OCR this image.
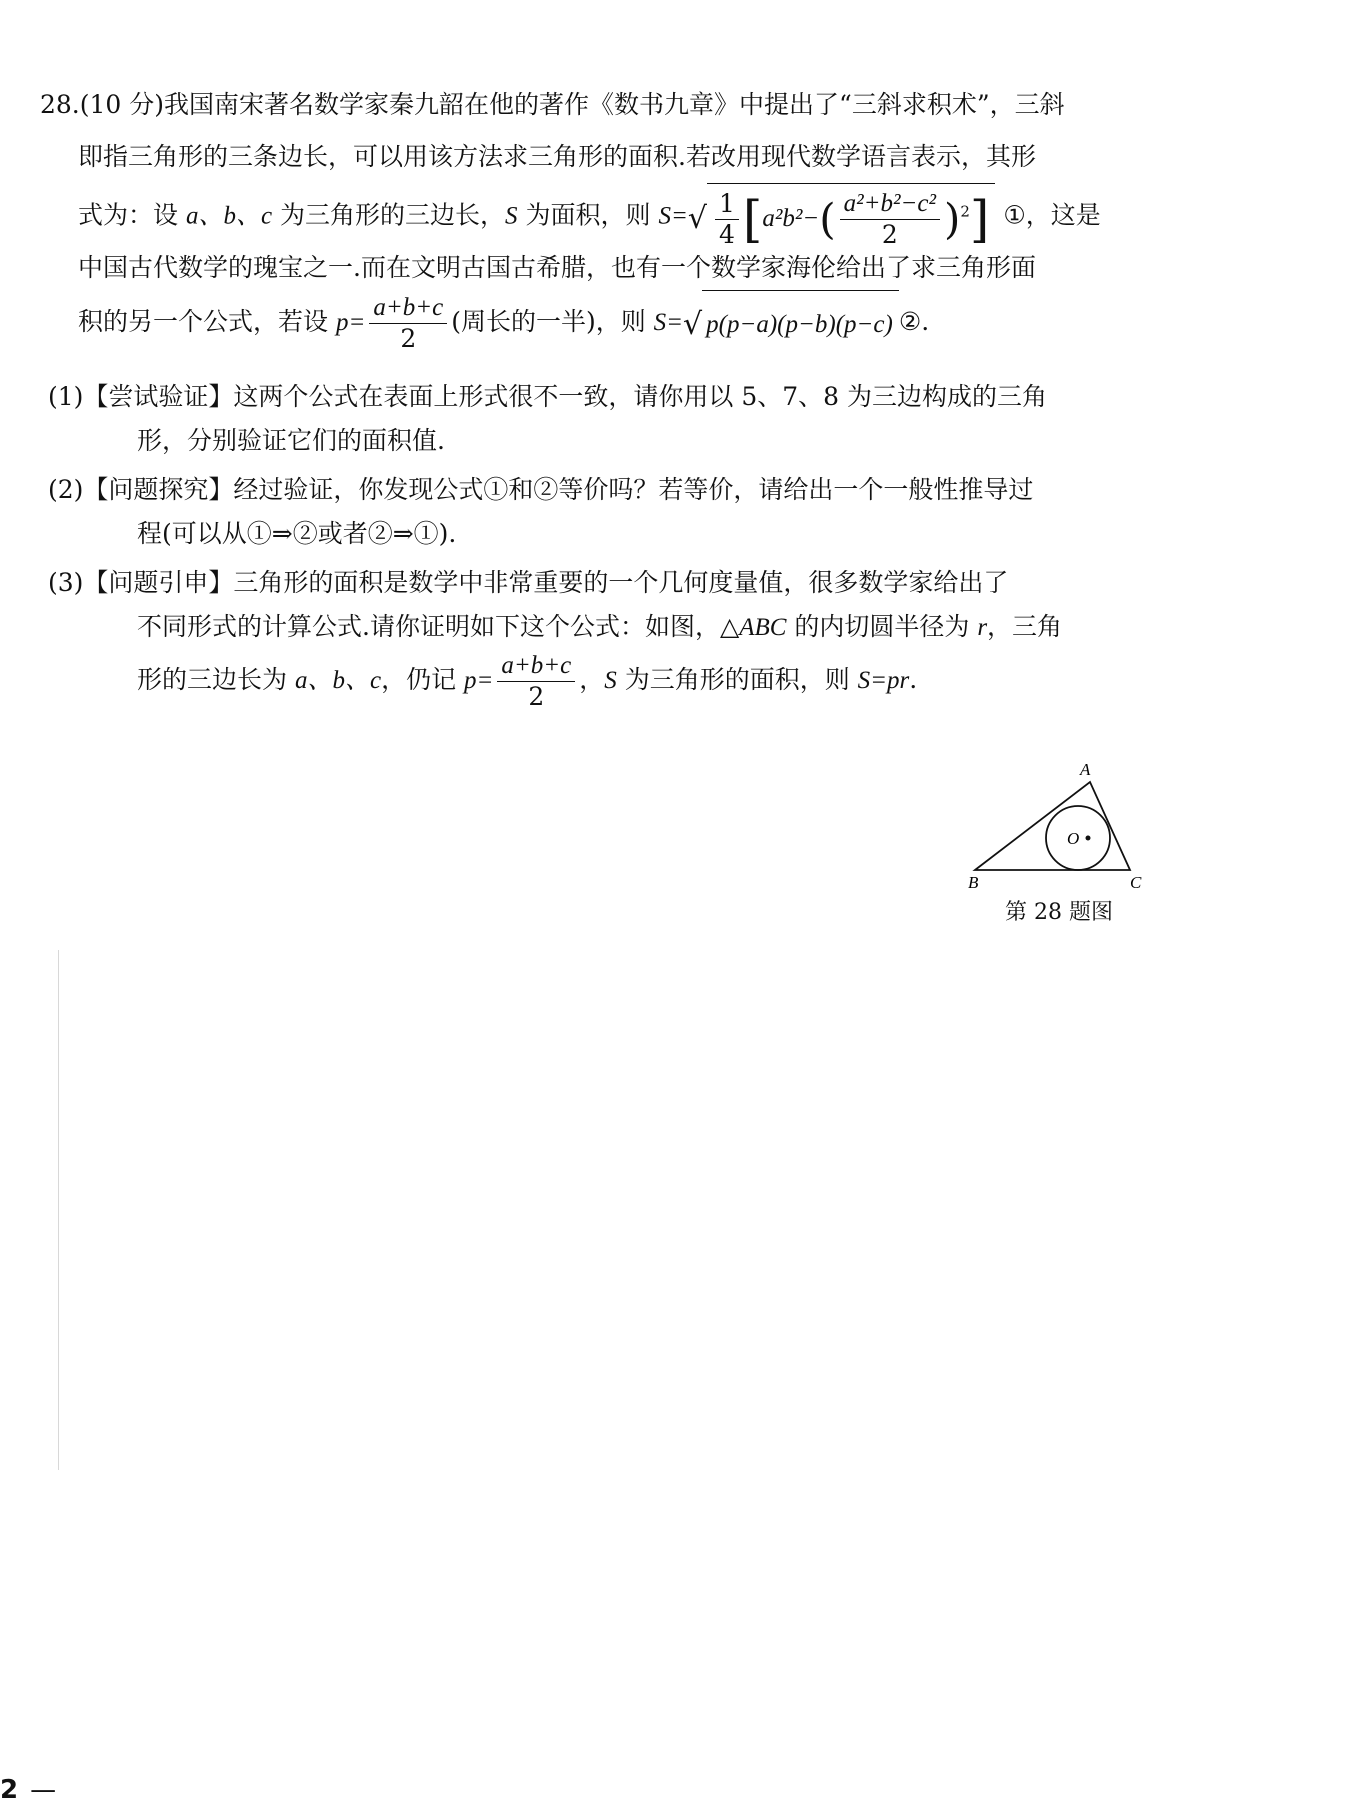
28.(10 分)我国南宋著名数学家秦九韶在他的著作《数书九章》中提出了“三斜求积术”，三斜
即指三角形的三条边长，可以用该方法求三角形的面积.若改用现代数学语言表示，其形
式为：设 a、b、c 为三角形的三边长，S 为面积，则 $S=√ \frac{1}{4} [a^2b^2-( \frac{\text{a²+b²−c²}}{2} )^2]$ ①，这是
中国古代数学的瑰宝之一.而在文明古国古希腊，也有一个数学家海伦给出了求三角形面
积的另一个公式，若设 $p= \frac{a+b+c}{2}$ (周长的一半)，则 S=√ p(p−a)(p−b)(p−c) ②.
(1)【尝试验证】这两个公式在表面上形式很不一致，请你用以 5、7、8 为三边构成的三角
形，分别验证它们的面积值.
(2)【问题探究】经过验证，你发现公式①和②等价吗？若等价，请给出一个一般性推导过
程(可以从①⇒②或者②⇒①).
(3)【问题引申】三角形的面积是数学中非常重要的一个几何度量值，很多数学家给出了
不同形式的计算公式.请你证明如下这个公式：如图，△ABC 的内切圆半径为 r，三角
形的三边长为 a、b、c，仍记 $p= \frac{a+b+c}{2}$ ，S 为三角形的面积，则 S=pr.
A
B	C
O
第 28 题图
2 —
